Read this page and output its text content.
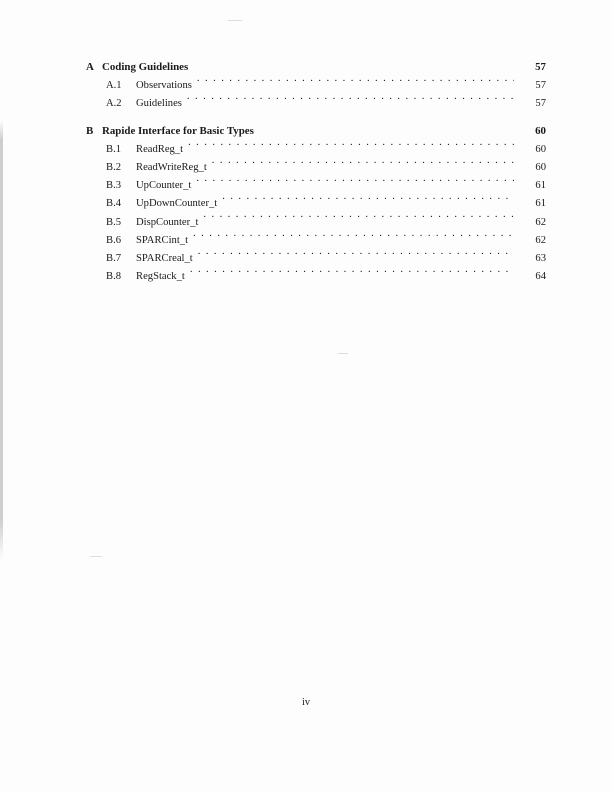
A Coding Guidelines	57
A.1	Observations . . .	57
A.2	Guidelines . . .	57
B Rapide Interface for Basic Types	60
B.1	ReadReg_t . . .	60
B.2	ReadWriteReg_t . . .	60
B.3	UpCounter_t . . .	61
B.4	UpDownCounter_t . . .	61
B.5	DispCounter_t . . .	62
B.6	SPARCint_t . . .	62
B.7	SPARCreal_t . . .	63
B.8	RegStack_t . . .	64
iv
